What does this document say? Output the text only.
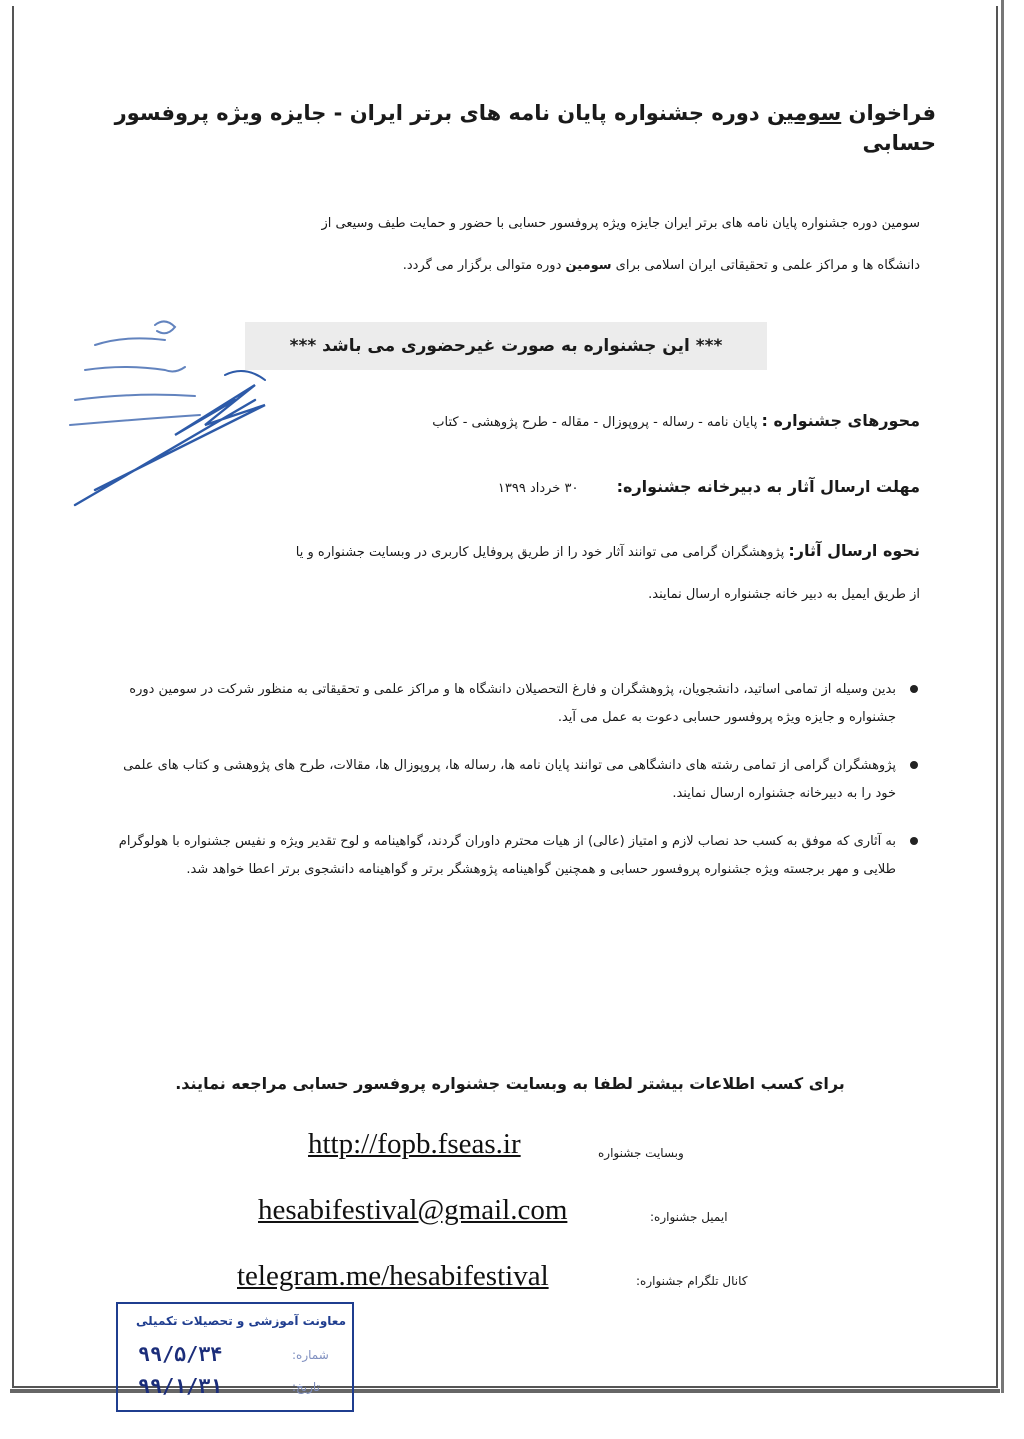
فراخوان سومین دوره جشنواره پایان نامه های برتر ایران - جایزه ویژه پروفسور حسابی
سومین دوره جشنواره پایان نامه های برتر ایران جایزه ویژه پروفسور حسابی با حضور و حمایت طیف وسیعی از
دانشگاه ها و مراکز علمی و تحقیقاتی ایران اسلامی برای سومین دوره متوالی برگزار می گردد.
*** این جشنواره به صورت غیرحضوری می باشد ***
محورهای جشنواره : پایان نامه - رساله - پروپوزال - مقاله - طرح پژوهشی - کتاب
مهلت ارسال آثار به دبیرخانه جشنواره: ۳۰ خرداد ۱۳۹۹
نحوه ارسال آثار: پژوهشگران گرامی می توانند آثار خود را از طریق پروفایل کاربری در وبسایت جشنواره و یا
از طریق ایمیل به دبیر خانه جشنواره ارسال نمایند.
بدین وسیله از تمامی اساتید، دانشجویان، پژوهشگران و فارغ التحصیلان دانشگاه ها و مراکز علمی و تحقیقاتی به منظور شرکت در سومین دوره جشنواره و جایزه ویژه پروفسور حسابی دعوت به عمل می آید.
پژوهشگران گرامی از تمامی رشته های دانشگاهی می توانند پایان نامه ها، رساله ها، پروپوزال ها، مقالات، طرح های پژوهشی و کتاب های علمی خود را به دبیرخانه جشنواره ارسال نمایند.
به آثاری که موفق به کسب حد نصاب لازم و امتیاز (عالی) از هیات محترم داوران گردند، گواهینامه و لوح تقدیر ویژه و نفیس جشنواره با هولوگرام طلایی و مهر برجسته ویژه جشنواره پروفسور حسابی و همچنین گواهینامه پژوهشگر برتر و گواهینامه دانشجوی برتر اعطا خواهد شد.
برای کسب اطلاعات بیشتر لطفا به وبسایت جشنواره پروفسور حسابی مراجعه نمایند.
http://fopb.fseas.ir	وبسایت جشنواره
hesabifestival@gmail.com	ایمیل جشنواره:
telegram.me/hesabifestival	کانال تلگرام جشنواره:
معاونت آموزشی و تحصیلات تکمیلی
شماره:
۹۹/۵/۳۴
تاریخ:
۹۹/۱/۳۱
